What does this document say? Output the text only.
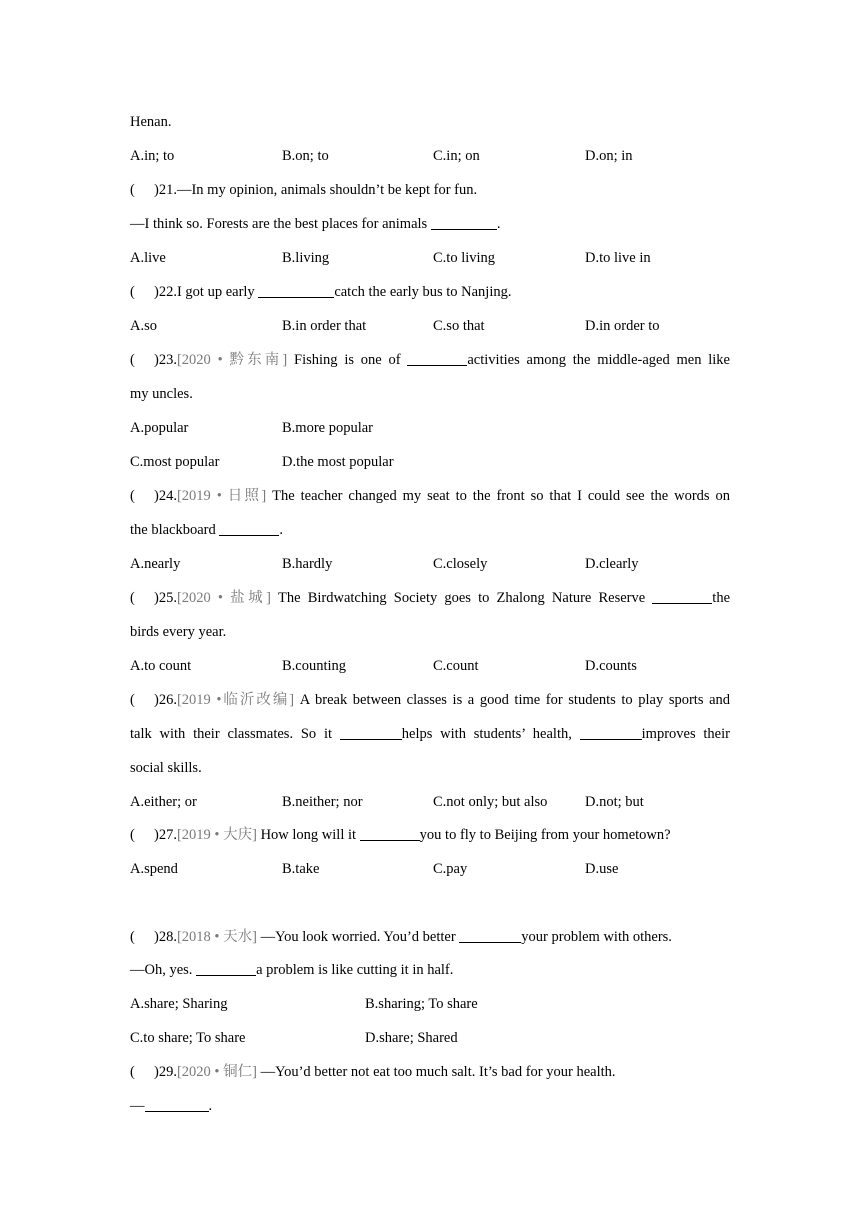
Henan.
A.in; to	B.on; to	C.in; on	D.on; in
( )21.—In my opinion, animals shouldn’t be kept for fun.
—I think so. Forests are the best places for animals	.
A.live	B.living	C.to living	D.to live in
( )22.I got up early	catch the early bus to Nanjing.
A.so	B.in order that	C.so that	D.in order to
( )23.[2020 • 黔东南] Fishing is one of	activities among the middle-aged men like
my uncles.
A.popular	B.more popular
C.most popular	D.the most popular
( )24.[2019 • 日照] The teacher changed my seat to the front so that I could see the words on
the blackboard	.
A.nearly	B.hardly	C.closely	D.clearly
( )25.[2020 • 盐城] The Birdwatching Society goes to Zhalong Nature Reserve	the
birds every year.
A.to count	B.counting	C.count	D.counts
( )26.[2019 •临沂改编] A break between classes is a good time for students to play sports and
talk with their classmates. So it	helps with students’ health,	improves their
social skills.
A.either; or	B.neither; nor	C.not only; but also	D.not; but
( )27.[2019 • 大庆] How long will it	you to fly to Beijing from your hometown?
A.spend	B.take	C.pay	D.use
( )28.[2018 • 天水] —You look worried. You’d better	your problem with others.
—Oh, yes.	a problem is like cutting it in half.
A.share; Sharing	B.sharing; To share
C.to share; To share	D.share; Shared
( )29.[2020 • 铜仁] —You’d better not eat too much salt. It’s bad for your health.
—	.
